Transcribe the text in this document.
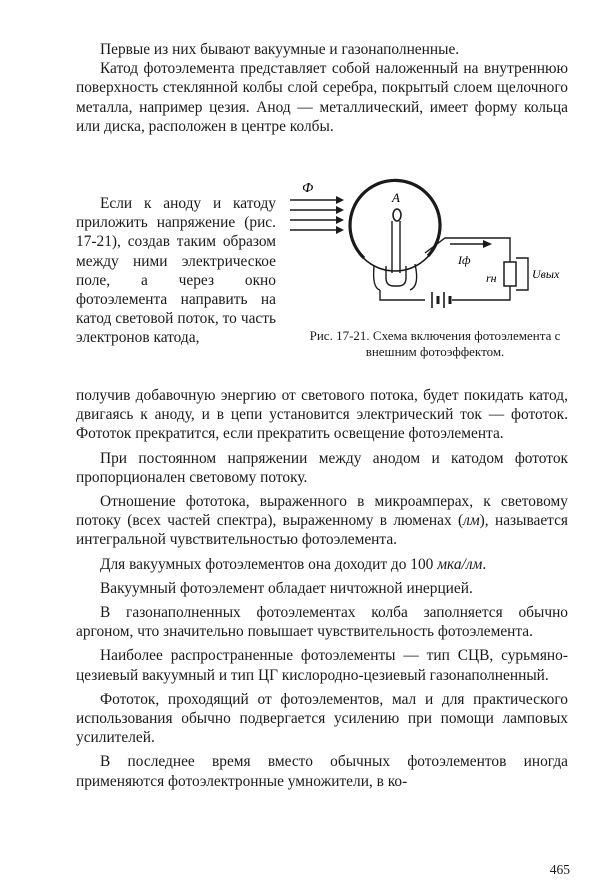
Первые из них бывают вакуумные и газонаполненные.

Катод фотоэлемента представляет собой наложенный на внутреннюю поверхность стеклянной колбы слой серебра, покрытый слоем щелочного металла, например цезия. Анод — металлический, имеет форму кольца или диска, расположен в центре колбы.

Если к аноду и катоду приложить напряжение (рис. 17-21), создав таким образом между ними электрическое поле, а через окно фотоэлемента направить на катод световой поток, то часть электронов катода,

Ф
А
Iф
rн	Uвых
Рис. 17-21. Схема включения фотоэлемента с внешним фотоэффектом.

получив добавочную энергию от светового потока, будет покидать катод, двигаясь к аноду, и в цепи установится электрический ток — фототок. Фототок прекратится, если прекратить освещение фотоэлемента.

При постоянном напряжении между анодом и катодом фототок пропорционален световому потоку.

Отношение фототока, выраженного в микроамперах, к световому потоку (всех частей спектра), выраженному в люменах (лм), называется интегральной чувствительностью фотоэлемента.

Для вакуумных фотоэлементов она доходит до 100 мка/лм.

Вакуумный фотоэлемент обладает ничтожной инерцией.

В газонаполненных фотоэлементах колба заполняется обычно аргоном, что значительно повышает чувствительность фотоэлемента.

Наиболее распространенные фотоэлементы — тип СЦВ, сурьмяно-цезиевый вакуумный и тип ЦГ кислородно-цезиевый газонаполненный.

Фототок, проходящий от фотоэлементов, мал и для практического использования обычно подвергается усилению при помощи ламповых усилителей.

В последнее время вместо обычных фотоэлементов иногда применяются фотоэлектронные умножители, в ко-

465
